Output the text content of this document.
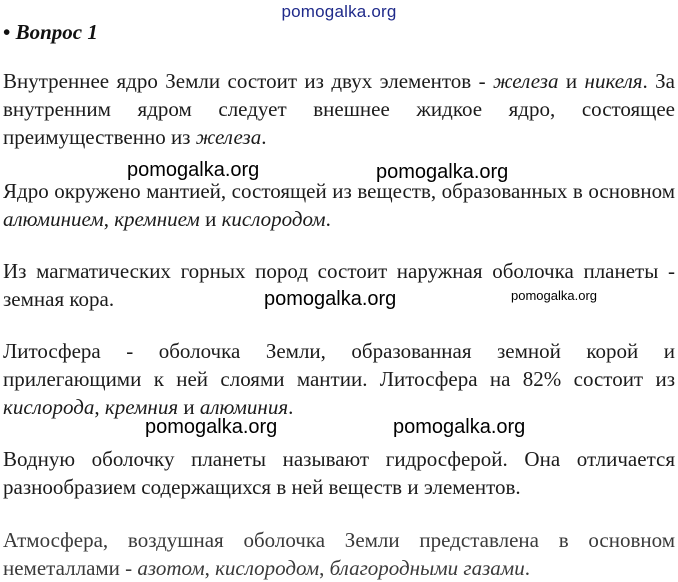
pomogalka.org
• Вопрос 1
Внутреннее ядро Земли состоит из двух элементов - железа и никеля. За внутренним ядром следует внешнее жидкое ядро, состоящее преимущественно из железа.
Ядро окружено мантией, состоящей из веществ, образованных в основном алюминием, кремнием и кислородом.
Из магматических горных пород состоит наружная оболочка планеты - земная кора.
Литосфера - оболочка Земли, образованная земной корой и прилегающими к ней слоями мантии. Литосфера на 82% состоит из кислорода, кремния и алюминия.
Водную оболочку планеты называют гидросферой. Она отличается разнообразием содержащихся в ней веществ и элементов.
Атмосфера, воздушная оболочка Земли представлена в основном неметаллами - азотом, кислородом, благородными газами.
pomogalka.org	pomogalka.org
pomogalka.org	pomogalka.org
pomogalka.org	pomogalka.org
